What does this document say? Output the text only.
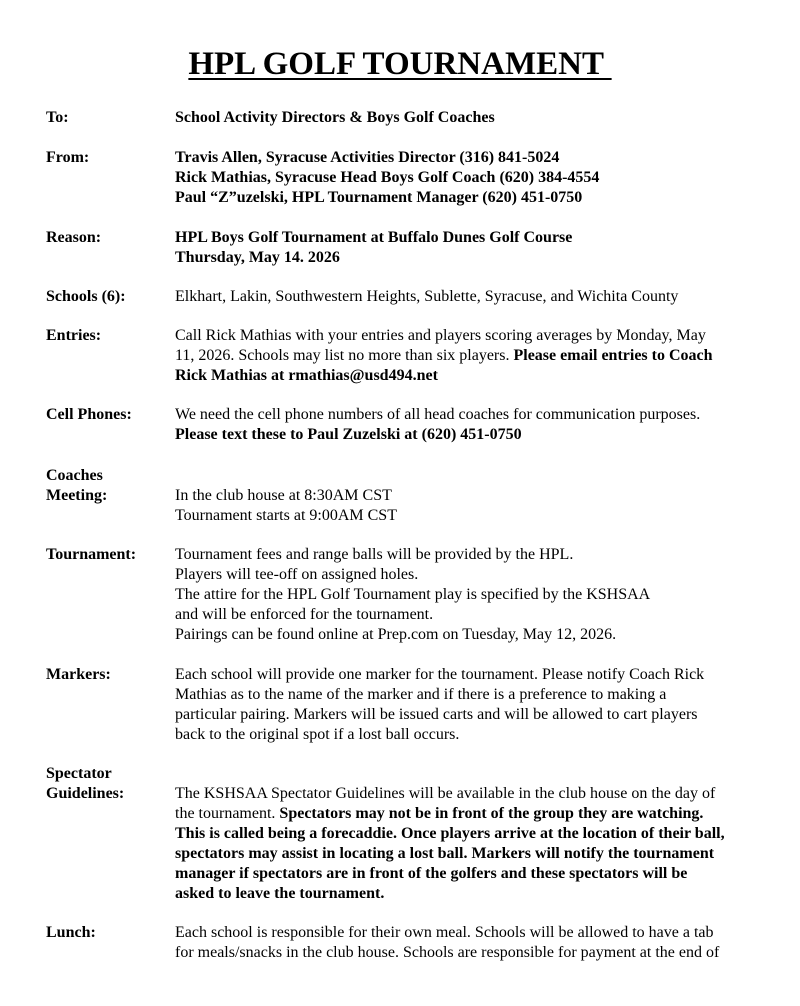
HPL GOLF TOURNAMENT
To:	School Activity Directors & Boys Golf Coaches
From:	Travis Allen, Syracuse Activities Director (316) 841-5024
Rick Mathias, Syracuse Head Boys Golf Coach (620) 384-4554
Paul “Z”uzelski, HPL Tournament Manager (620) 451-0750
Reason:	HPL Boys Golf Tournament at Buffalo Dunes Golf Course
Thursday, May 14. 2026
Schools (6):	Elkhart, Lakin, Southwestern Heights, Sublette, Syracuse, and Wichita County
Entries:	Call Rick Mathias with your entries and players scoring averages by Monday, May
11, 2026. Schools may list no more than six players. Please email entries to Coach
Rick Mathias at rmathias@usd494.net
Cell Phones:	We need the cell phone numbers of all head coaches for communication purposes.
Please text these to Paul Zuzelski at (620) 451-0750
Coaches
Meeting:	In the club house at 8:30AM CST
Tournament starts at 9:00AM CST
Tournament:	Tournament fees and range balls will be provided by the HPL.
Players will tee-off on assigned holes.
The attire for the HPL Golf Tournament play is specified by the KSHSAA
and will be enforced for the tournament.
Pairings can be found online at Prep.com on Tuesday, May 12, 2026.
Markers:	Each school will provide one marker for the tournament. Please notify Coach Rick
Mathias as to the name of the marker and if there is a preference to making a
particular pairing. Markers will be issued carts and will be allowed to cart players
back to the original spot if a lost ball occurs.
Spectator
Guidelines:	The KSHSAA Spectator Guidelines will be available in the club house on the day of
the tournament. Spectators may not be in front of the group they are watching.
This is called being a forecaddie. Once players arrive at the location of their ball,
spectators may assist in locating a lost ball. Markers will notify the tournament
manager if spectators are in front of the golfers and these spectators will be
asked to leave the tournament.
Lunch:	Each school is responsible for their own meal. Schools will be allowed to have a tab
for meals/snacks in the club house. Schools are responsible for payment at the end of
